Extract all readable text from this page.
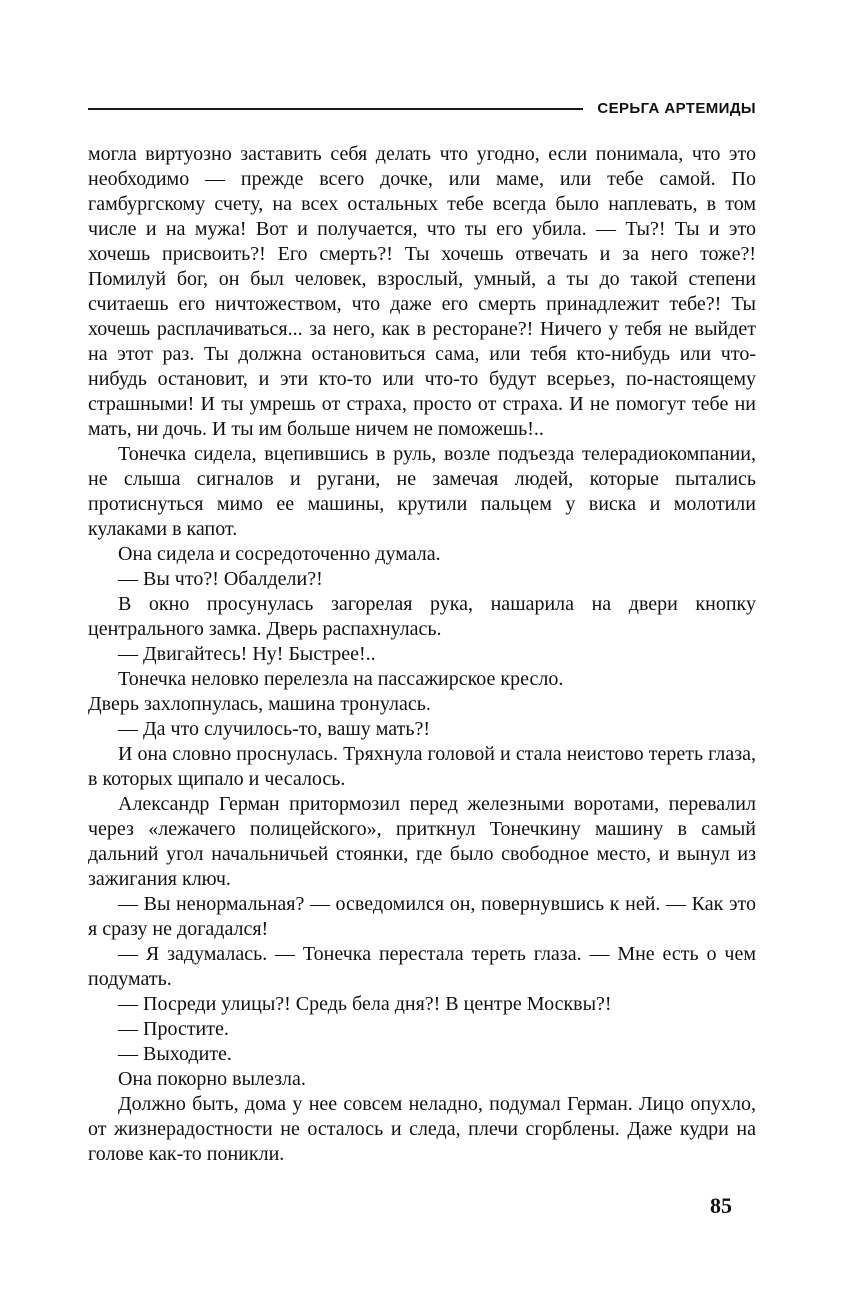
СЕРЬГА АРТЕМИДЫ

могла виртуозно заставить себя делать что угодно, если понимала, что это необходимо — прежде всего дочке, или маме, или тебе самой. По гамбургскому счету, на всех остальных тебе всегда было наплевать, в том числе и на мужа! Вот и получается, что ты его убила. — Ты?! Ты и это хочешь присвоить?! Его смерть?! Ты хочешь отвечать и за него тоже?! Помилуй бог, он был человек, взрослый, умный, а ты до такой степени считаешь его ничтожеством, что даже его смерть принадлежит тебе?! Ты хочешь расплачиваться... за него, как в ресторане?! Ничего у тебя не выйдет на этот раз. Ты должна остановиться сама, или тебя кто-нибудь или что-нибудь остановит, и эти кто-то или что-то будут всерьез, по-настоящему страшными! И ты умрешь от страха, просто от страха. И не помогут тебе ни мать, ни дочь. И ты им больше ничем не поможешь!..

Тонечка сидела, вцепившись в руль, возле подъезда телерадиокомпании, не слыша сигналов и ругани, не замечая людей, которые пытались протиснуться мимо ее машины, крутили пальцем у виска и молотили кулаками в капот.

Она сидела и сосредоточенно думала.

— Вы что?! Обалдели?!

В окно просунулась загорелая рука, нашарила на двери кнопку центрального замка. Дверь распахнулась.

— Двигайтесь! Ну! Быстрее!..

Тонечка неловко перелезла на пассажирское кресло.

Дверь захлопнулась, машина тронулась.

— Да что случилось-то, вашу мать?!

И она словно проснулась. Тряхнула головой и стала неистово тереть глаза, в которых щипало и чесалось.

Александр Герман притормозил перед железными воротами, перевалил через «лежачего полицейского», приткнул Тонечкину машину в самый дальний угол начальничьей стоянки, где было свободное место, и вынул из зажигания ключ.

— Вы ненормальная? — осведомился он, повернувшись к ней. — Как это я сразу не догадался!

— Я задумалась. — Тонечка перестала тереть глаза. — Мне есть о чем подумать.

— Посреди улицы?! Средь бела дня?! В центре Москвы?!

— Простите.

— Выходите.

Она покорно вылезла.

Должно быть, дома у нее совсем неладно, подумал Герман. Лицо опухло, от жизнерадостности не осталось и следа, плечи сгорблены. Даже кудри на голове как-то поникли.

85
